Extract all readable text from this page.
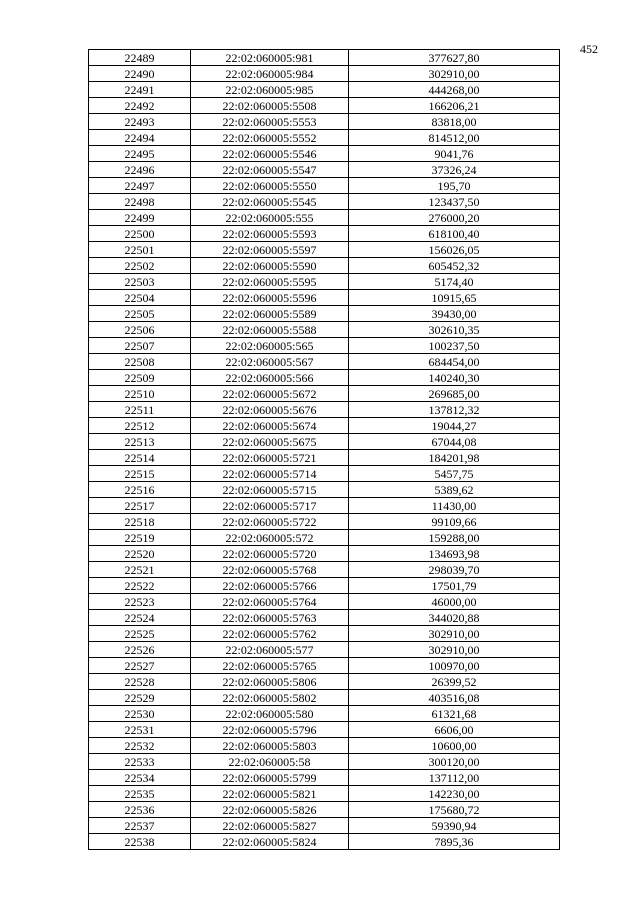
452
22489	22:02:060005:981	377627,80
22490	22:02:060005:984	302910,00
22491	22:02:060005:985	444268,00
22492	22:02:060005:5508	166206,21
22493	22:02:060005:5553	83818,00
22494	22:02:060005:5552	814512,00
22495	22:02:060005:5546	9041,76
22496	22:02:060005:5547	37326,24
22497	22:02:060005:5550	195,70
22498	22:02:060005:5545	123437,50
22499	22:02:060005:555	276000,20
22500	22:02:060005:5593	618100,40
22501	22:02:060005:5597	156026,05
22502	22:02:060005:5590	605452,32
22503	22:02:060005:5595	5174,40
22504	22:02:060005:5596	10915,65
22505	22:02:060005:5589	39430,00
22506	22:02:060005:5588	302610,35
22507	22:02:060005:565	100237,50
22508	22:02:060005:567	684454,00
22509	22:02:060005:566	140240,30
22510	22:02:060005:5672	269685,00
22511	22:02:060005:5676	137812,32
22512	22:02:060005:5674	19044,27
22513	22:02:060005:5675	67044,08
22514	22:02:060005:5721	184201,98
22515	22:02:060005:5714	5457,75
22516	22:02:060005:5715	5389,62
22517	22:02:060005:5717	11430,00
22518	22:02:060005:5722	99109,66
22519	22:02:060005:572	159288,00
22520	22:02:060005:5720	134693,98
22521	22:02:060005:5768	298039,70
22522	22:02:060005:5766	17501,79
22523	22:02:060005:5764	46000,00
22524	22:02:060005:5763	344020,88
22525	22:02:060005:5762	302910,00
22526	22:02:060005:577	302910,00
22527	22:02:060005:5765	100970,00
22528	22:02:060005:5806	26399,52
22529	22:02:060005:5802	403516,08
22530	22:02:060005:580	61321,68
22531	22:02:060005:5796	6606,00
22532	22:02:060005:5803	10600,00
22533	22:02:060005:58	300120,00
22534	22:02:060005:5799	137112,00
22535	22:02:060005:5821	142230,00
22536	22:02:060005:5826	175680,72
22537	22:02:060005:5827	59390,94
22538	22:02:060005:5824	7895,36
